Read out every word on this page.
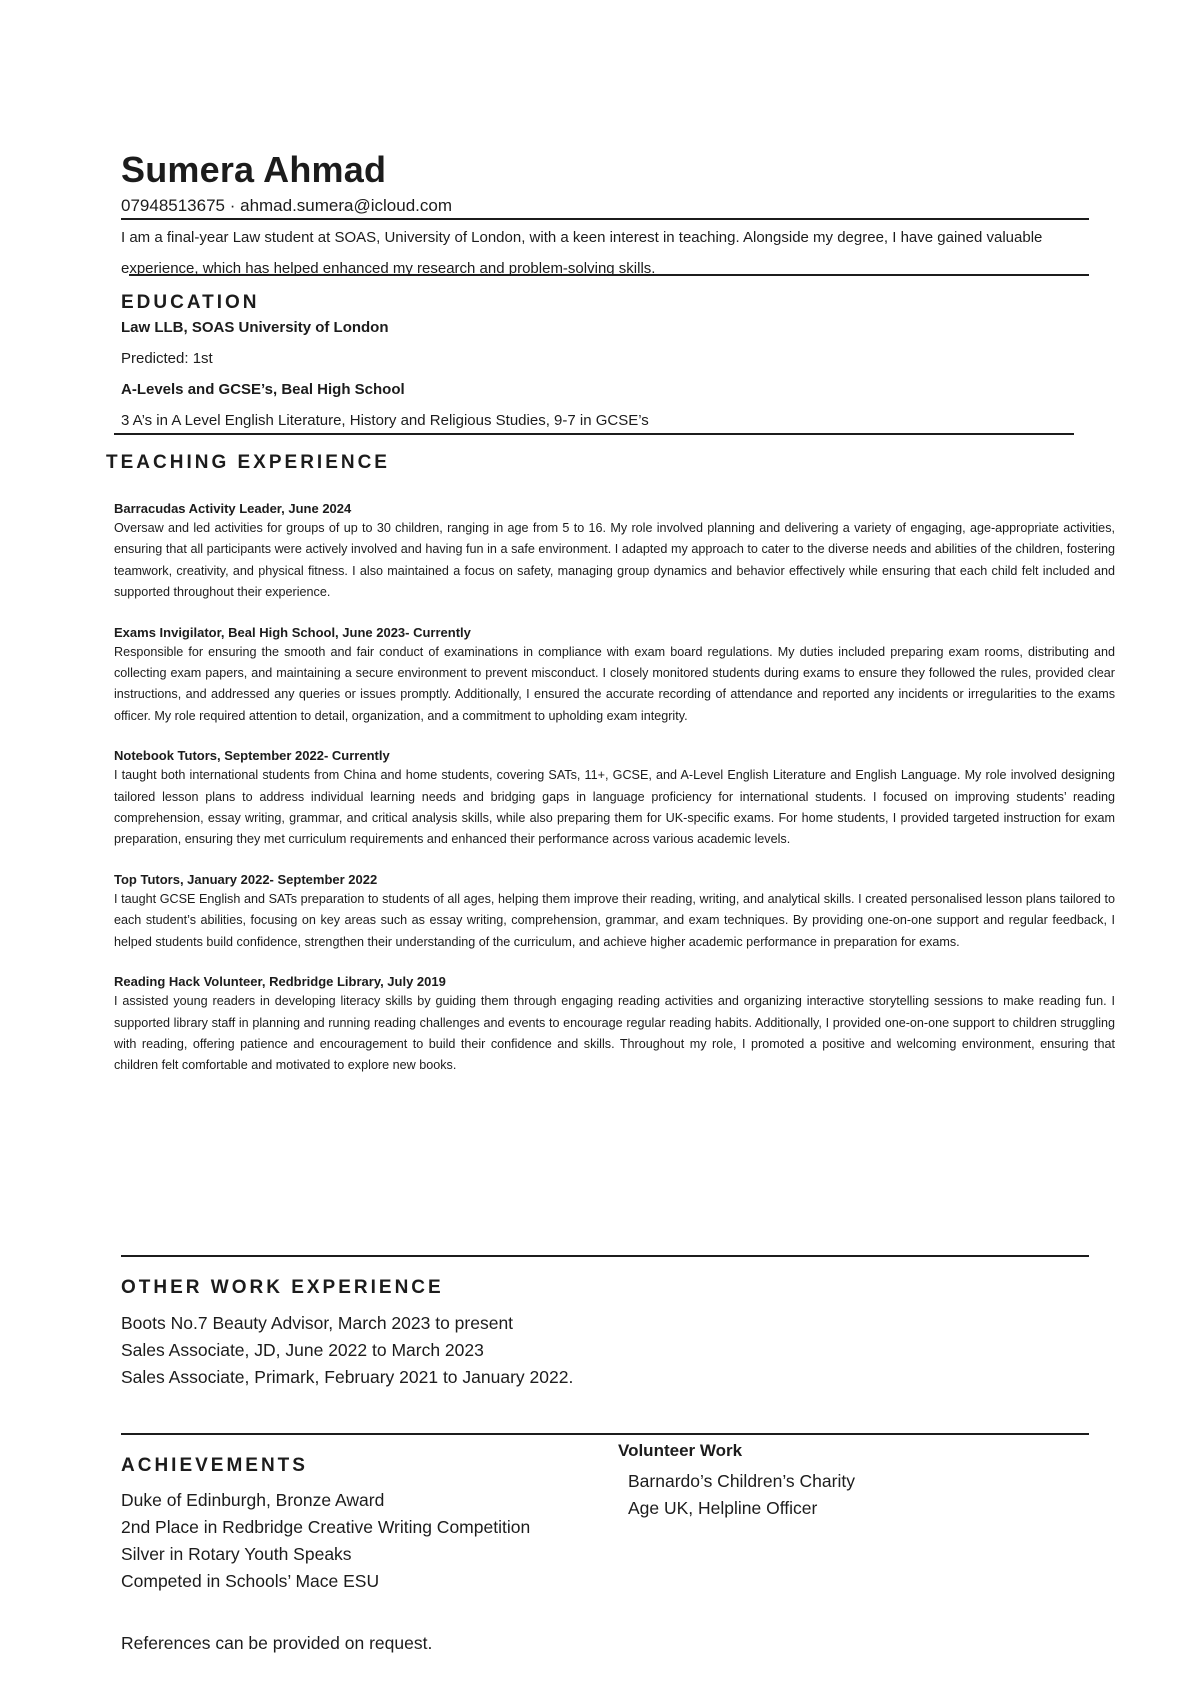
Sumera Ahmad
07948513675 · ahmad.sumera@icloud.com

I am a final-year Law student at SOAS, University of London, with a keen interest in teaching. Alongside my degree, I have gained valuable experience, which has helped enhanced my research and problem-solving skills.

EDUCATION

Law LLB, SOAS University of London

Predicted: 1st

A-Levels and GCSE’s, Beal High School

3 A’s in A Level English Literature, History and Religious Studies, 9-7 in GCSE’s

TEACHING EXPERIENCE

Barracudas Activity Leader, June 2024

Oversaw and led activities for groups of up to 30 children, ranging in age from 5 to 16. My role involved planning and delivering a variety of engaging, age-appropriate activities, ensuring that all participants were actively involved and having fun in a safe environment. I adapted my approach to cater to the diverse needs and abilities of the children, fostering teamwork, creativity, and physical fitness. I also maintained a focus on safety, managing group dynamics and behavior effectively while ensuring that each child felt included and supported throughout their experience.

Exams Invigilator, Beal High School, June 2023- Currently

Responsible for ensuring the smooth and fair conduct of examinations in compliance with exam board regulations. My duties included preparing exam rooms, distributing and collecting exam papers, and maintaining a secure environment to prevent misconduct. I closely monitored students during exams to ensure they followed the rules, provided clear instructions, and addressed any queries or issues promptly. Additionally, I ensured the accurate recording of attendance and reported any incidents or irregularities to the exams officer. My role required attention to detail, organization, and a commitment to upholding exam integrity.

Notebook Tutors, September 2022- Currently

I taught both international students from China and home students, covering SATs, 11+, GCSE, and A-Level English Literature and English Language. My role involved designing tailored lesson plans to address individual learning needs and bridging gaps in language proficiency for international students. I focused on improving students’ reading comprehension, essay writing, grammar, and critical analysis skills, while also preparing them for UK-specific exams. For home students, I provided targeted instruction for exam preparation, ensuring they met curriculum requirements and enhanced their performance across various academic levels.

Top Tutors, January 2022- September 2022

I taught GCSE English and SATs preparation to students of all ages, helping them improve their reading, writing, and analytical skills. I created personalised lesson plans tailored to each student’s abilities, focusing on key areas such as essay writing, comprehension, grammar, and exam techniques. By providing one-on-one support and regular feedback, I helped students build confidence, strengthen their understanding of the curriculum, and achieve higher academic performance in preparation for exams.

Reading Hack Volunteer, Redbridge Library, July 2019

I assisted young readers in developing literacy skills by guiding them through engaging reading activities and organizing interactive storytelling sessions to make reading fun. I supported library staff in planning and running reading challenges and events to encourage regular reading habits. Additionally, I provided one-on-one support to children struggling with reading, offering patience and encouragement to build their confidence and skills. Throughout my role, I promoted a positive and welcoming environment, ensuring that children felt comfortable and motivated to explore new books.

OTHER WORK EXPERIENCE
Boots No.7 Beauty Advisor, March 2023 to present
Sales Associate, JD, June 2022 to March 2023
Sales Associate, Primark, February 2021 to January 2022.
ACHIEVEMENTS
Duke of Edinburgh, Bronze Award
2nd Place in Redbridge Creative Writing Competition
Silver in Rotary Youth Speaks
Competed in Schools’ Mace ESU

Volunteer Work

Barnardo’s Children’s Charity
Age UK, Helpline Officer
References can be provided on request.
